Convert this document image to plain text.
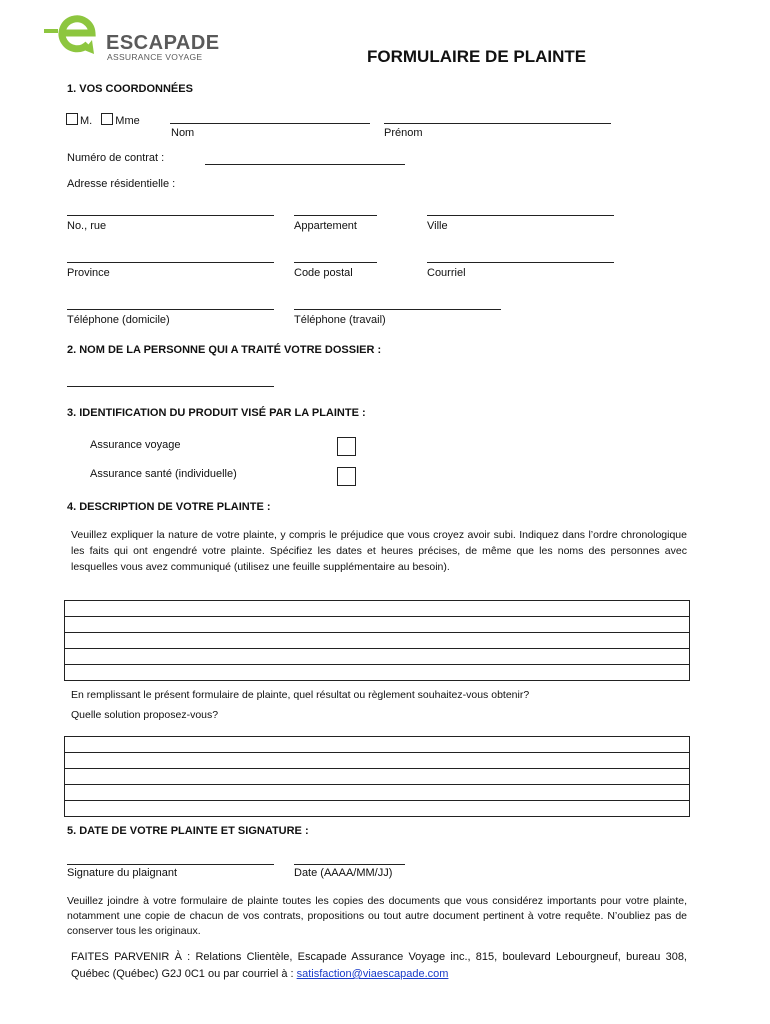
ESCAPADE
ASSURANCE VOYAGE	FORMULAIRE DE PLAINTE
1. VOS COORDONNÉES
M. Mme
Nom	Prénom
Numéro de contrat :
Adresse résidentielle :
No., rue	Appartement	Ville
Province	Code postal	Courriel
Téléphone (domicile)	Téléphone (travail)
2. NOM DE LA PERSONNE QUI A TRAITÉ VOTRE DOSSIER :
3. IDENTIFICATION DU PRODUIT VISÉ PAR LA PLAINTE :
Assurance voyage
Assurance santé (individuelle)
4. DESCRIPTION DE VOTRE PLAINTE :
Veuillez expliquer la nature de votre plainte, y compris le préjudice que vous croyez avoir subi. Indiquez dans l’ordre chronologique les faits qui ont engendré votre plainte. Spécifiez les dates et heures précises, de même que les noms des personnes avec lesquelles vous avez communiqué (utilisez une feuille supplémentaire au besoin).
En remplissant le présent formulaire de plainte, quel résultat ou règlement souhaitez-vous obtenir?
Quelle solution proposez-vous?
5. DATE DE VOTRE PLAINTE ET SIGNATURE :
Signature du plaignant	Date (AAAA/MM/JJ)
Veuillez joindre à votre formulaire de plainte toutes les copies des documents que vous considérez importants pour votre plainte, notamment une copie de chacun de vos contrats, propositions ou tout autre document pertinent à votre requête. N’oubliez pas de conserver tous les originaux.
FAITES PARVENIR À : Relations Clientèle, Escapade Assurance Voyage inc., 815, boulevard Lebourgneuf, bureau 308, Québec (Québec) G2J 0C1 ou par courriel à : satisfaction@viaescapade.com
